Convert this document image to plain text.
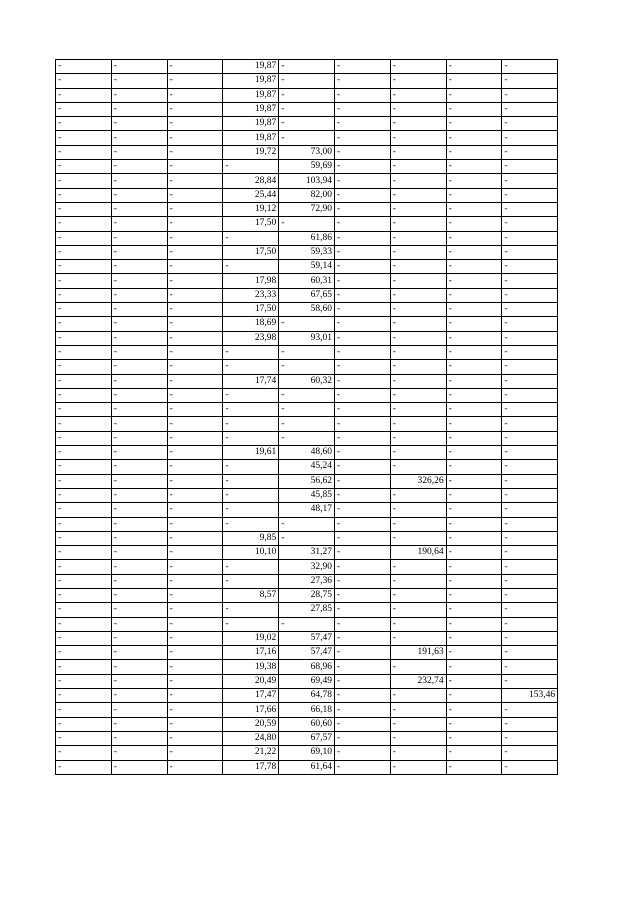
-	-	-	19,87	-	-	-	-	-
-	-	-	19,87	-	-	-	-	-
-	-	-	19,87	-	-	-	-	-
-	-	-	19,87	-	-	-	-	-
-	-	-	19,87	-	-	-	-	-
-	-	-	19,87	-	-	-	-	-
-	-	-	19,72	73,00	-	-	-	-
-	-	-	-	59,69	-	-	-	-
-	-	-	28,84	103,94	-	-	-	-
-	-	-	25,44	82,00	-	-	-	-
-	-	-	19,12	72,90	-	-	-	-
-	-	-	17,50	-	-	-	-	-
-	-	-	-	61,86	-	-	-	-
-	-	-	17,50	59,33	-	-	-	-
-	-	-	-	59,14	-	-	-	-
-	-	-	17,98	60,31	-	-	-	-
-	-	-	23,33	67,65	-	-	-	-
-	-	-	17,50	58,60	-	-	-	-
-	-	-	18,69	-	-	-	-	-
-	-	-	23,98	93,01	-	-	-	-
-	-	-	-	-	-	-	-	-
-	-	-	-	-	-	-	-	-
-	-	-	17,74	60,32	-	-	-	-
-	-	-	-	-	-	-	-	-
-	-	-	-	-	-	-	-	-
-	-	-	-	-	-	-	-	-
-	-	-	-	-	-	-	-	-
-	-	-	19,61	48,60	-	-	-	-
-	-	-	-	45,24	-	-	-	-
-	-	-	-	56,62	-	326,26	-	-
-	-	-	-	45,85	-	-	-	-
-	-	-	-	48,17	-	-	-	-
-	-	-	-	-	-	-	-	-
-	-	-	9,85	-	-	-	-	-
-	-	-	10,10	31,27	-	190,64	-	-
-	-	-	-	32,90	-	-	-	-
-	-	-	-	27,36	-	-	-	-
-	-	-	8,57	28,75	-	-	-	-
-	-	-	-	27,85	-	-	-	-
-	-	-	-	-	-	-	-	-
-	-	-	19,02	57,47	-	-	-	-
-	-	-	17,16	57,47	-	191,63	-	-
-	-	-	19,38	68,96	-	-	-	-
-	-	-	20,49	69,49	-	232,74	-	-
-	-	-	17,47	64,78	-	-	-	153,46
-	-	-	17,66	66,18	-	-	-	-
-	-	-	20,59	60,60	-	-	-	-
-	-	-	24,80	67,57	-	-	-	-
-	-	-	21,22	69,10	-	-	-	-
-	-	-	17,78	61,64	-	-	-	-
